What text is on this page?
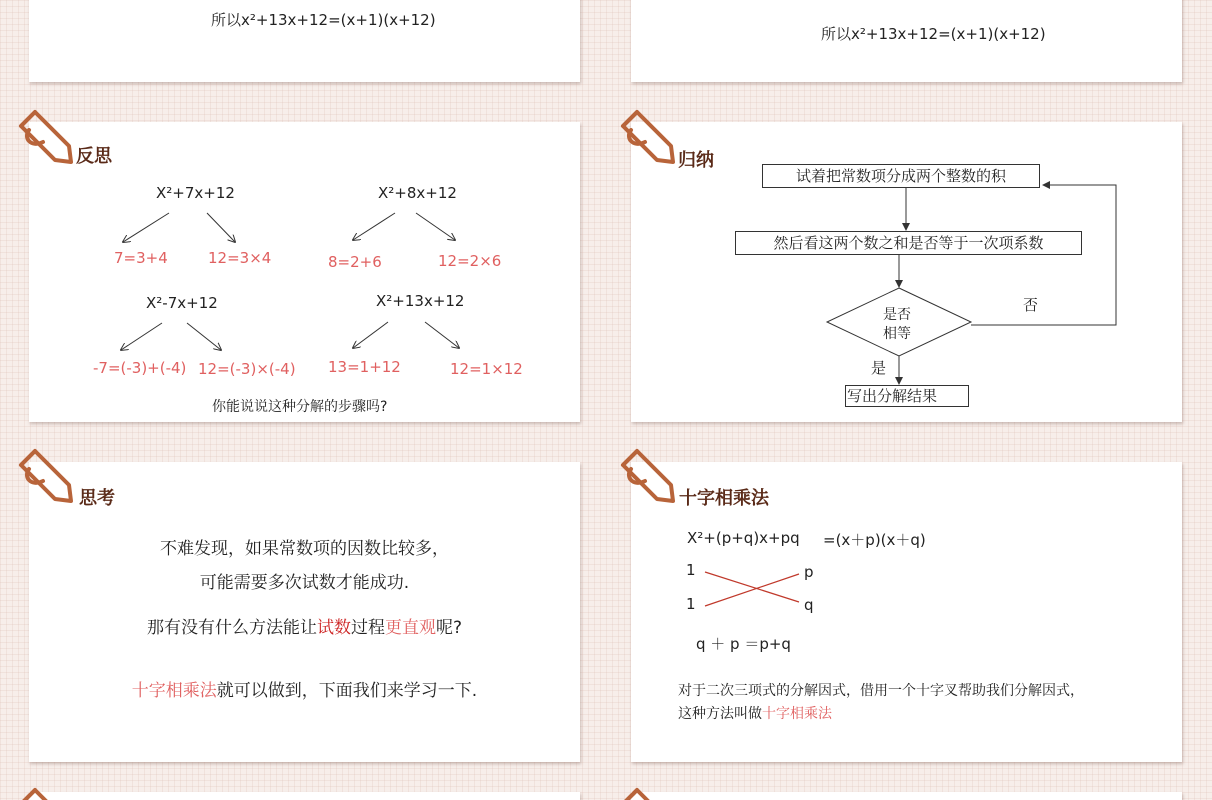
所以x²+13x+12=(x+1)(x+12)
所以x²+13x+12=(x+1)(x+12)
反思
X²+7x+12
7=3+4	12=3×4
X²+8x+12
8=2+6	12=2×6
X²-7x+12
-7=(-3)+(-4) 12=(-3)×(-4)
X²+13x+12
13=1+12	12=1×12
你能说说这种分解的步骤吗?
归纳
试着把常数项分成两个整数的积
然后看这两个数之和是否等于一次项系数
是否
相等
否
是
写出分解结果
思考
不难发现，如果常数项的因数比较多，
可能需要多次试数才能成功.
那有没有什么方法能让试数过程更直观呢?
十字相乘法就可以做到，下面我们来学习一下.
十字相乘法
X²+(p+q)x+pq =(x＋p)(x＋q)
1	p
1	q
q ＋ p ＝p+q
对于二次三项式的分解因式，借用一个十字叉帮助我们分解因式，
这种方法叫做十字相乘法
